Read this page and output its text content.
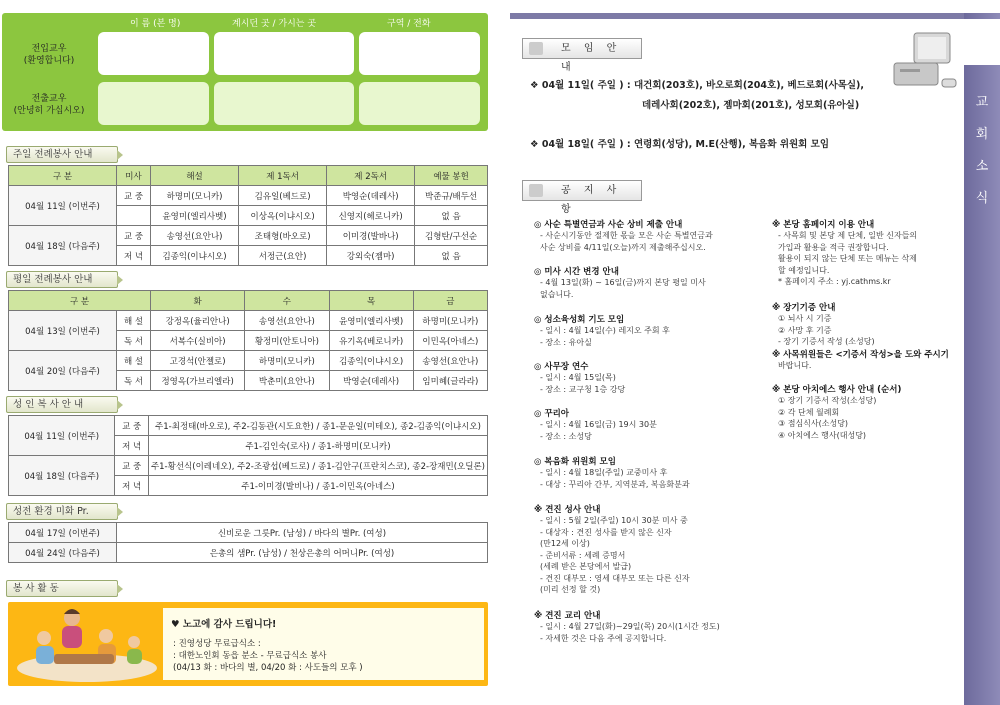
이 름 (본 명)	계시던 곳 / 가시는 곳	구역 / 전화
전입교우
(환영합니다)
전출교우
(안녕히 가십시오)
주일 전례봉사 안내
구 분	미사	해설	제 1독서	제 2독서	예물 봉헌
04월 11일 (이번주)	교 중	하명미(모니카)	김유일(베드로)	박영순(데레사)	박준규/배두선
		윤영미(엘리사벳)	이상옥(이냐시오)	신영지(헤로니카)	없 음
04월 18일 (다음주)	교 중	송영선(요안나)	조태형(바오로)	이미경(발바나)	김형탄/구선순
	저 녁	김종익(이냐시오)	서정근(요안)	강외숙(젬마)	없 음
평일 전례봉사 안내
구 분		화	수	목	금
04월 13일 (이번주)	해 설	강정옥(율리안나)	송영선(요안나)	윤영미(엘리사벳)	하명미(모니카)
	독 서	서복수(실비아)	황정미(안토니아)	유기옥(베로니카)	이민옥(아네스)
04월 20일 (다음주)	해 설	고경석(안젤로)	하명미(모니카)	김종익(이냐시오)	송영선(요안나)
	독 서	정영옥(가브리엘라)	박춘미(요안나)	박영순(데레사)	임미혜(글라라)
성 인 복 사 안 내
04월 11일 (이번주)	교 중	주1-최정태(바오로), 주2-김동관(시도요한) / 종1-문운일(미테오), 종2-김종익(이냐시오)
	저 녁	주1-김인숙(로사) / 종1-하명미(모니카)
04월 18일 (다음주)	교 중	주1-황선식(이레네오), 주2-조광섭(베드로) / 종1-김안구(프란치스코), 종2-장재민(오딜론)
	저 녁	주1-이미경(발비나) / 종1-이민옥(아네스)
성전 환경 미화 Pr.
04월 17일 (이번주)	신비로운 그릇Pr. (남성) / 바다의 별Pr. (여성)
04월 24일 (다음주)	은총의 샘Pr. (남성) / 천상은총의 어머니Pr. (여성)
봉 사 활 동
♥ 노고에 감사 드립니다!
: 진영성당 무료급식소 :
: 대한노인회 동읍 분소 - 무료급식소 봉사
(04/13 화 : 바다의 별, 04/20 화 : 사도들의 모후 )
교
회
소
식
모 임 안 내
❖ 04월 11일( 주일 ) : 대건회(203호), 바오로회(204호), 베드로회(사목실),
데레사회(202호), 젬마회(201호), 성모회(유아실)
❖ 04월 18일( 주일 ) : 연령회(성당), M.E(산행), 복음화 위원회 모임
공 지 사 항
◎ 사순 특별연금과 사순 상비 제출 안내
- 사순시기동안 절제한 몫을 모은 사순 특별연금과
사순 상비를 4/11일(오늘)까지 제출해주십시오.
◎ 미사 시간 변경 안내
- 4월 13일(화) ~ 16일(금)까지 본당 평일 미사
없습니다.
◎ 성소육성회 기도 모임
- 일시 : 4월 14일(수) 레지오 주회 후
- 장소 : 유아실
◎ 사무장 연수
- 일시 : 4월 15일(목)
- 장소 : 교구청 1층 강당
◎ 꾸리아
- 일시 : 4월 16일(금) 19시 30분
- 장소 : 소성당
◎ 복음화 위원회 모임
- 일시 : 4월 18일(주일) 교중미사 후
- 대상 : 꾸리아 간부, 지역분과, 복음화분과
※ 견진 성사 안내
- 일시 : 5월 2일(주일) 10시 30분 미사 중
- 대상자 : 견진 성사를 받지 않은 신자
(만12세 이상)
- 준비서류 : 세례 증명서
(세례 받은 본당에서 발급)
- 견진 대부모 : 영세 대부모 또는 다른 신자
(미리 선정 할 것)
※ 견진 교리 안내
- 일시 : 4월 27일(화)~29일(목) 20시(1시간 정도)
- 자세한 것은 다음 주에 공지합니다.
※ 본당 홈페이지 이용 안내
- 사목회 및 본당 제 단체, 일반 신자들의
가입과 활용을 적극 권장합니다.
활용이 되지 않는 단체 또는 메뉴는 삭제
할 예정입니다.
* 홈페이지 주소 : yj.cathms.kr
※ 장기기증 안내
① 뇌사 시 기증
② 사망 후 기증
- 장기 기증서 작성 (소성당)
※ 사목위원들은 <기증서 작성>을 도와 주시기
바랍니다.
※ 본당 아치에스 행사 안내 (순서)
① 장기 기증서 작성(소성당)
② 각 단체 월례회
③ 점심식사(소성당)
④ 아치에스 행사(대성당)
